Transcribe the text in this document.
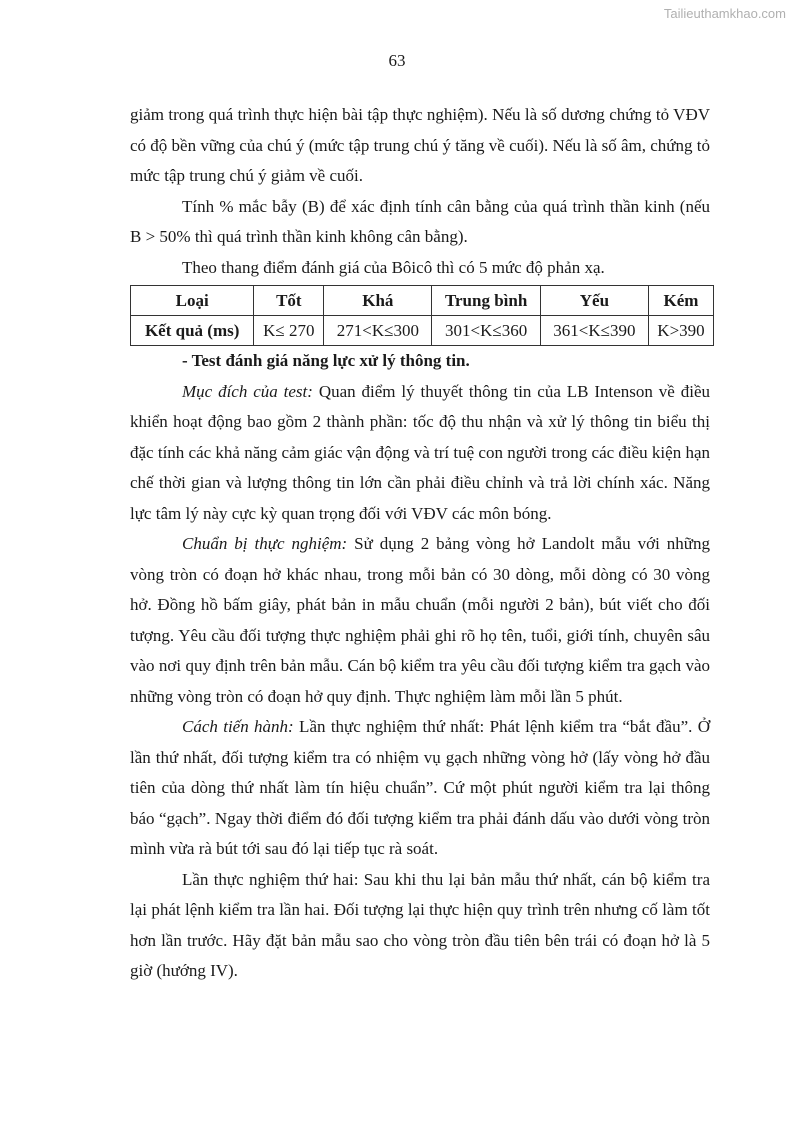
Tailieuthamkhao.com
63

giảm trong quá trình thực hiện bài tập thực nghiệm). Nếu là số dương chứng tỏ VĐV có độ bền vững của chú ý (mức tập trung chú ý tăng về cuối). Nếu là số âm, chứng tỏ mức tập trung chú ý giảm về cuối.

Tính % mắc bẫy (B) để xác định tính cân bằng của quá trình thần kinh (nếu B > 50% thì quá trình thần kinh không cân bằng).

Theo thang điểm đánh giá của Bôicô thì có 5 mức độ phản xạ.

Loại	Tốt	Khá	Trung bình	Yếu	Kém
Kết quả (ms)	K≤ 270	271<K≤300	301<K≤360	361<K≤390	K>390

- Test đánh giá năng lực xử lý thông tin.

Mục đích của test: Quan điểm lý thuyết thông tin của LB Intenson về điều khiển hoạt động bao gồm 2 thành phần: tốc độ thu nhận và xử lý thông tin biểu thị đặc tính các khả năng cảm giác vận động và trí tuệ con người trong các điều kiện hạn chế thời gian và lượng thông tin lớn cần phải điều chỉnh và trả lời chính xác. Năng lực tâm lý này cực kỳ quan trọng đối với VĐV các môn bóng.

Chuẩn bị thực nghiệm: Sử dụng 2 bảng vòng hở Landolt mẫu với những vòng tròn có đoạn hở khác nhau, trong mỗi bản có 30 dòng, mỗi dòng có 30 vòng hở. Đồng hồ bấm giây, phát bản in mẫu chuẩn (mỗi người 2 bản), bút viết cho đối tượng. Yêu cầu đối tượng thực nghiệm phải ghi rõ họ tên, tuổi, giới tính, chuyên sâu vào nơi quy định trên bản mẫu. Cán bộ kiểm tra yêu cầu đối tượng kiểm tra gạch vào những vòng tròn có đoạn hở quy định. Thực nghiệm làm mỗi lần 5 phút.

Cách tiến hành: Lần thực nghiệm thứ nhất: Phát lệnh kiểm tra “bắt đầu”. Ở lần thứ nhất, đối tượng kiểm tra có nhiệm vụ gạch những vòng hở (lấy vòng hở đầu tiên của dòng thứ nhất làm tín hiệu chuẩn”. Cứ một phút người kiểm tra lại thông báo “gạch”. Ngay thời điểm đó đối tượng kiểm tra phải đánh dấu vào dưới vòng tròn mình vừa rà bút tới sau đó lại tiếp tục rà soát.

Lần thực nghiệm thứ hai: Sau khi thu lại bản mẫu thứ nhất, cán bộ kiểm tra lại phát lệnh kiểm tra lần hai. Đối tượng lại thực hiện quy trình trên nhưng cố làm tốt hơn lần trước. Hãy đặt bản mẫu sao cho vòng tròn đầu tiên bên trái có đoạn hở là 5 giờ (hướng IV).
